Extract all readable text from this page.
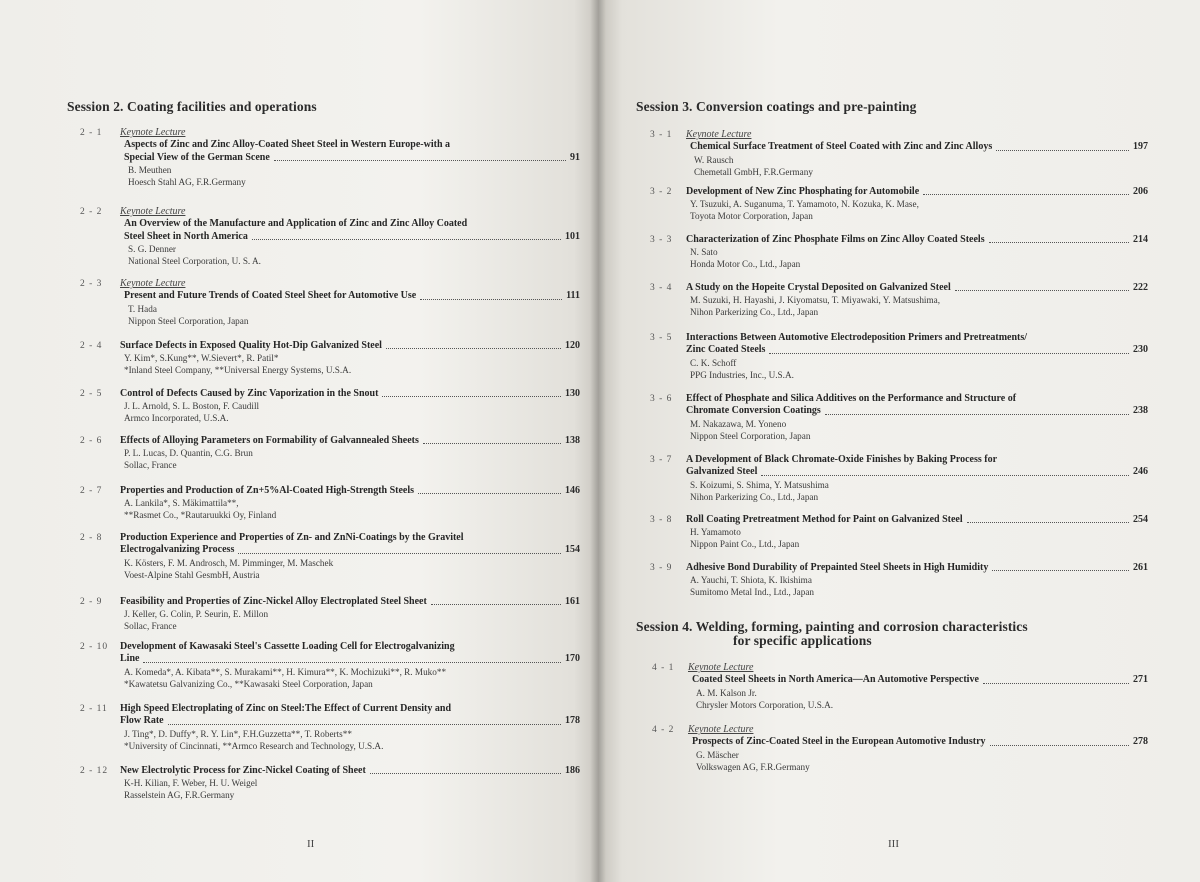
Session 2. Coating facilities and operations
2 - 1 Keynote Lecture
Aspects of Zinc and Zinc Alloy-Coated Sheet Steel in Western Europe-with a
Special View of the German Scene	91
B. Meuthen
Hoesch Stahl AG, F.R.Germany
2 - 2 Keynote Lecture
An Overview of the Manufacture and Application of Zinc and Zinc Alloy Coated
Steel Sheet in North America	101
S. G. Denner
National Steel Corporation, U. S. A.
2 - 3 Keynote Lecture
Present and Future Trends of Coated Steel Sheet for Automotive Use	111
T. Hada
Nippon Steel Corporation, Japan
2 - 4 Surface Defects in Exposed Quality Hot-Dip Galvanized Steel	120
Y. Kim*, S.Kung**, W.Sievert*, R. Patil*
*Inland Steel Company, **Universal Energy Systems, U.S.A.
2 - 5 Control of Defects Caused by Zinc Vaporization in the Snout	130
J. L. Arnold, S. L. Boston, F. Caudill
Armco Incorporated, U.S.A.
2 - 6 Effects of Alloying Parameters on Formability of Galvannealed Sheets	138
P. L. Lucas, D. Quantin, C.G. Brun
Sollac, France
2 - 7 Properties and Production of Zn+5%Al-Coated High-Strength Steels	146
A. Lankila*, S. Mäkimattila**,
**Rasmet Co., *Rautaruukki Oy, Finland
2 - 8 Production Experience and Properties of Zn- and ZnNi-Coatings by the Gravitel
Electrogalvanizing Process	154
K. Kösters, F. M. Androsch, M. Pimminger, M. Maschek
Voest-Alpine Stahl GesmbH, Austria
2 - 9 Feasibility and Properties of Zinc-Nickel Alloy Electroplated Steel Sheet	161
J. Keller, G. Colin, P. Seurin, E. Millon
Sollac, France
2 - 10 Development of Kawasaki Steel's Cassette Loading Cell for Electrogalvanizing
Line	170
A. Komeda*, A. Kibata**, S. Murakami**, H. Kimura**, K. Mochizuki**, R. Muko**
*Kawatetsu Galvanizing Co., **Kawasaki Steel Corporation, Japan
2 - 11 High Speed Electroplating of Zinc on Steel:The Effect of Current Density and
Flow Rate	178
J. Ting*, D. Duffy*, R. Y. Lin*, F.H.Guzzetta**, T. Roberts**
*University of Cincinnati, **Armco Research and Technology, U.S.A.
2 - 12 New Electrolytic Process for Zinc-Nickel Coating of Sheet	186
K-H. Kilian, F. Weber, H. U. Weigel
Rasselstein AG, F.R.Germany
II
Session 3. Conversion coatings and pre-painting
3 - 1 Keynote Lecture
Chemical Surface Treatment of Steel Coated with Zinc and Zinc Alloys	197
W. Rausch
Chemetall GmbH, F.R.Germany
3 - 2 Development of New Zinc Phosphating for Automobile	206
Y. Tsuzuki, A. Suganuma, T. Yamamoto, N. Kozuka, K. Mase,
Toyota Motor Corporation, Japan
3 - 3 Characterization of Zinc Phosphate Films on Zinc Alloy Coated Steels	214
N. Sato
Honda Motor Co., Ltd., Japan
3 - 4 A Study on the Hopeite Crystal Deposited on Galvanized Steel	222
M. Suzuki, H. Hayashi, J. Kiyomatsu, T. Miyawaki, Y. Matsushima,
Nihon Parkerizing Co., Ltd., Japan
3 - 5 Interactions Between Automotive Electrodeposition Primers and Pretreatments/
Zinc Coated Steels	230
C. K. Schoff
PPG Industries, Inc., U.S.A.
3 - 6 Effect of Phosphate and Silica Additives on the Performance and Structure of
Chromate Conversion Coatings	238
M. Nakazawa, M. Yoneno
Nippon Steel Corporation, Japan
3 - 7 A Development of Black Chromate-Oxide Finishes by Baking Process for
Galvanized Steel	246
S. Koizumi, S. Shima, Y. Matsushima
Nihon Parkerizing Co., Ltd., Japan
3 - 8 Roll Coating Pretreatment Method for Paint on Galvanized Steel	254
H. Yamamoto
Nippon Paint Co., Ltd., Japan
3 - 9 Adhesive Bond Durability of Prepainted Steel Sheets in High Humidity	261
A. Yauchi, T. Shiota, K. Ikishima
Sumitomo Metal Ind., Ltd., Japan
Session 4. Welding, forming, painting and corrosion characteristics
for specific applications
4 - 1 Keynote Lecture
Coated Steel Sheets in North America—An Automotive Perspective	271
A. M. Kalson Jr.
Chrysler Motors Corporation, U.S.A.
4 - 2 Keynote Lecture
Prospects of Zinc-Coated Steel in the European Automotive Industry	278
G. Mäscher
Volkswagen AG, F.R.Germany
III
